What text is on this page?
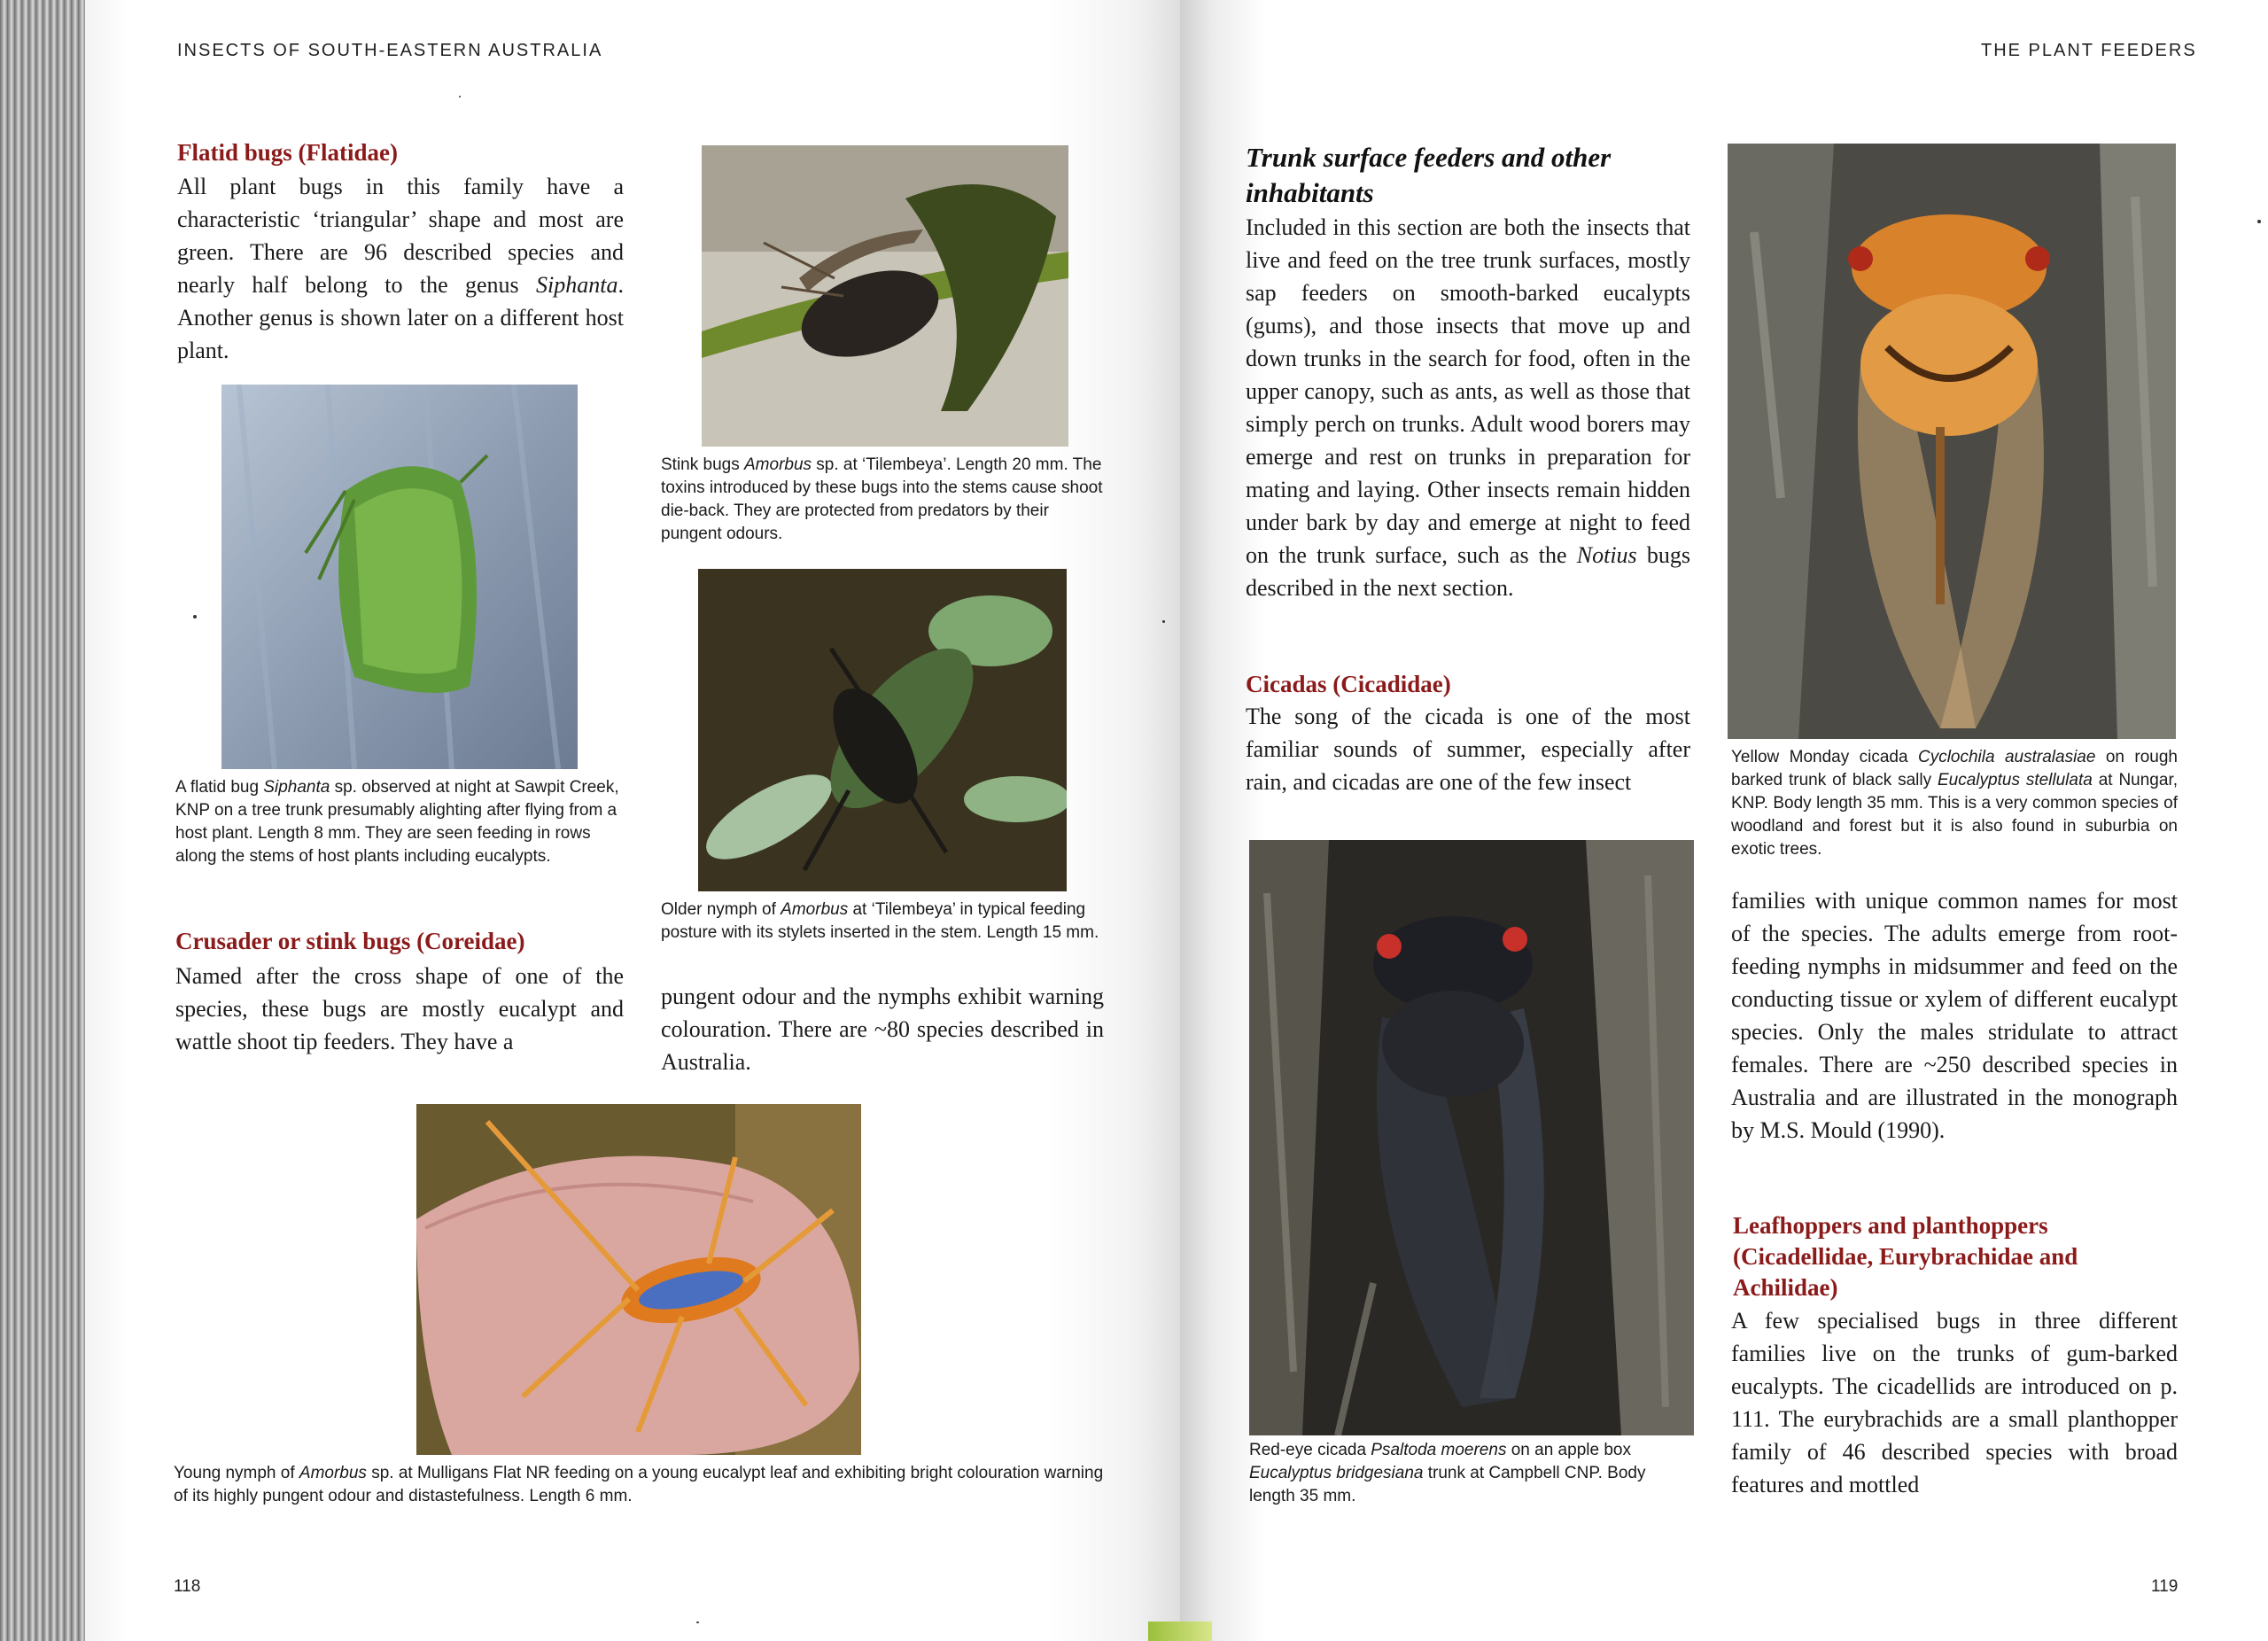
INSECTS OF SOUTH-EASTERN AUSTRALIA
Flatid bugs (Flatidae)

All plant bugs in this family have a characteristic ‘triangular’ shape and most are green. There are 96 described species and nearly half belong to the genus Siphanta. Another genus is shown later on a different host plant.

A flatid bug Siphanta sp. observed at night at Sawpit Creek, KNP on a tree trunk presumably alighting after flying from a host plant. Length 8 mm. They are seen feeding in rows along the stems of host plants including eucalypts.

Crusader or stink bugs (Coreidae)

Named after the cross shape of one of the species, these bugs are mostly eucalypt and wattle shoot tip feeders. They have a

Stink bugs Amorbus sp. at ‘Tilembeya’. Length 20 mm. The toxins introduced by these bugs into the stems cause shoot die-back. They are protected from predators by their pungent odours.

Older nymph of Amorbus at ‘Tilembeya’ in typical feeding posture with its stylets inserted in the stem. Length 15 mm.

pungent odour and the nymphs exhibit warning colouration. There are ~80 species described in Australia.

Young nymph of Amorbus sp. at Mulligans Flat NR feeding on a young eucalypt leaf and exhibiting bright colouration warning of its highly pungent odour and distastefulness. Length 6 mm.

118
THE PLANT FEEDERS
Trunk surface feeders and other inhabitants

Included in this section are both the insects that live and feed on the tree trunk surfaces, mostly sap feeders on smooth-barked eucalypts (gums), and those insects that move up and down trunks in the search for food, often in the upper canopy, such as ants, as well as those that simply perch on trunks. Adult wood borers may emerge and rest on trunks in preparation for mating and laying. Other insects remain hidden under bark by day and emerge at night to feed on the trunk surface, such as the Notius bugs described in the next section.

Cicadas (Cicadidae)

The song of the cicada is one of the most familiar sounds of summer, especially after rain, and cicadas are one of the few insect

Yellow Monday cicada Cyclochila australasiae on rough barked trunk of black sally Eucalyptus stellulata at Nungar, KNP. Body length 35 mm. This is a very common species of woodland and forest but it is also found in suburbia on exotic trees.

Red-eye cicada Psaltoda moerens on an apple box Eucalyptus bridgesiana trunk at Campbell CNP. Body length 35 mm.

families with unique common names for most of the species. The adults emerge from root-feeding nymphs in midsummer and feed on the conducting tissue or xylem of different eucalypt species. Only the males stridulate to attract females. There are ~250 described species in Australia and are illustrated in the monograph by M.S. Mould (1990).

Leafhoppers and planthoppers (Cicadellidae, Eurybrachidae and Achilidae)

A few specialised bugs in three different families live on the trunks of gum-barked eucalypts. The cicadellids are introduced on p. 111. The eurybrachids are a small planthopper family of 46 described species with broad features and mottled

119
